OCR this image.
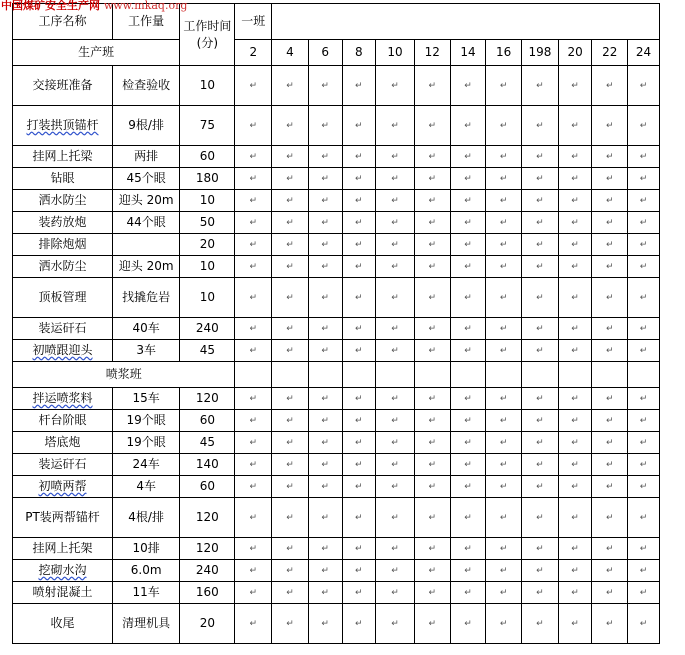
中国煤矿安全生产网 www.mkaq.org
工序名称	工作量	工作时间(分)	一班											
生产班			2	4	6	8	10	12	14	16	198	20	22	24
交接班准备	检查验收	10	↵	↵	↵	↵	↵	↵	↵	↵	↵	↵	↵	↵
打装拱顶锚杆	9根/排	75	↵	↵	↵	↵	↵	↵	↵	↵	↵	↵	↵	↵
挂网上托梁	两排	60	↵	↵	↵	↵	↵	↵	↵	↵	↵	↵	↵	↵
钻眼	45个眼	180	↵	↵	↵	↵	↵	↵	↵	↵	↵	↵	↵	↵
洒水防尘	迎头 20m	10	↵	↵	↵	↵	↵	↵	↵	↵	↵	↵	↵	↵
装药放炮	44个眼	50	↵	↵	↵	↵	↵	↵	↵	↵	↵	↵	↵	↵
排除炮烟		20	↵	↵	↵	↵	↵	↵	↵	↵	↵	↵	↵	↵
洒水防尘	迎头 20m	10	↵	↵	↵	↵	↵	↵	↵	↵	↵	↵	↵	↵
顶板管理	找撬危岩	10	↵	↵	↵	↵	↵	↵	↵	↵	↵	↵	↵	↵
装运矸石	40车	240	↵	↵	↵	↵	↵	↵	↵	↵	↵	↵	↵	↵
初喷跟迎头	3车	45	↵	↵	↵	↵	↵	↵	↵	↵	↵	↵	↵	↵
喷浆班														
拌运喷浆料	15车	120	↵	↵	↵	↵	↵	↵	↵	↵	↵	↵	↵	↵
杆台阶眼	19个眼	60	↵	↵	↵	↵	↵	↵	↵	↵	↵	↵	↵	↵
塔底炮	19个眼	45	↵	↵	↵	↵	↵	↵	↵	↵	↵	↵	↵	↵
装运矸石	24车	140	↵	↵	↵	↵	↵	↵	↵	↵	↵	↵	↵	↵
初喷两帮	4车	60	↵	↵	↵	↵	↵	↵	↵	↵	↵	↵	↵	↵
PT装两帮锚杆	4根/排	120	↵	↵	↵	↵	↵	↵	↵	↵	↵	↵	↵	↵
挂网上托架	10排	120	↵	↵	↵	↵	↵	↵	↵	↵	↵	↵	↵	↵
挖砌水沟	6.0m	240	↵	↵	↵	↵	↵	↵	↵	↵	↵	↵	↵	↵
喷射混凝土	11车	160	↵	↵	↵	↵	↵	↵	↵	↵	↵	↵	↵	↵
收尾	清理机具	20	↵	↵	↵	↵	↵	↵	↵	↵	↵	↵	↵	↵
